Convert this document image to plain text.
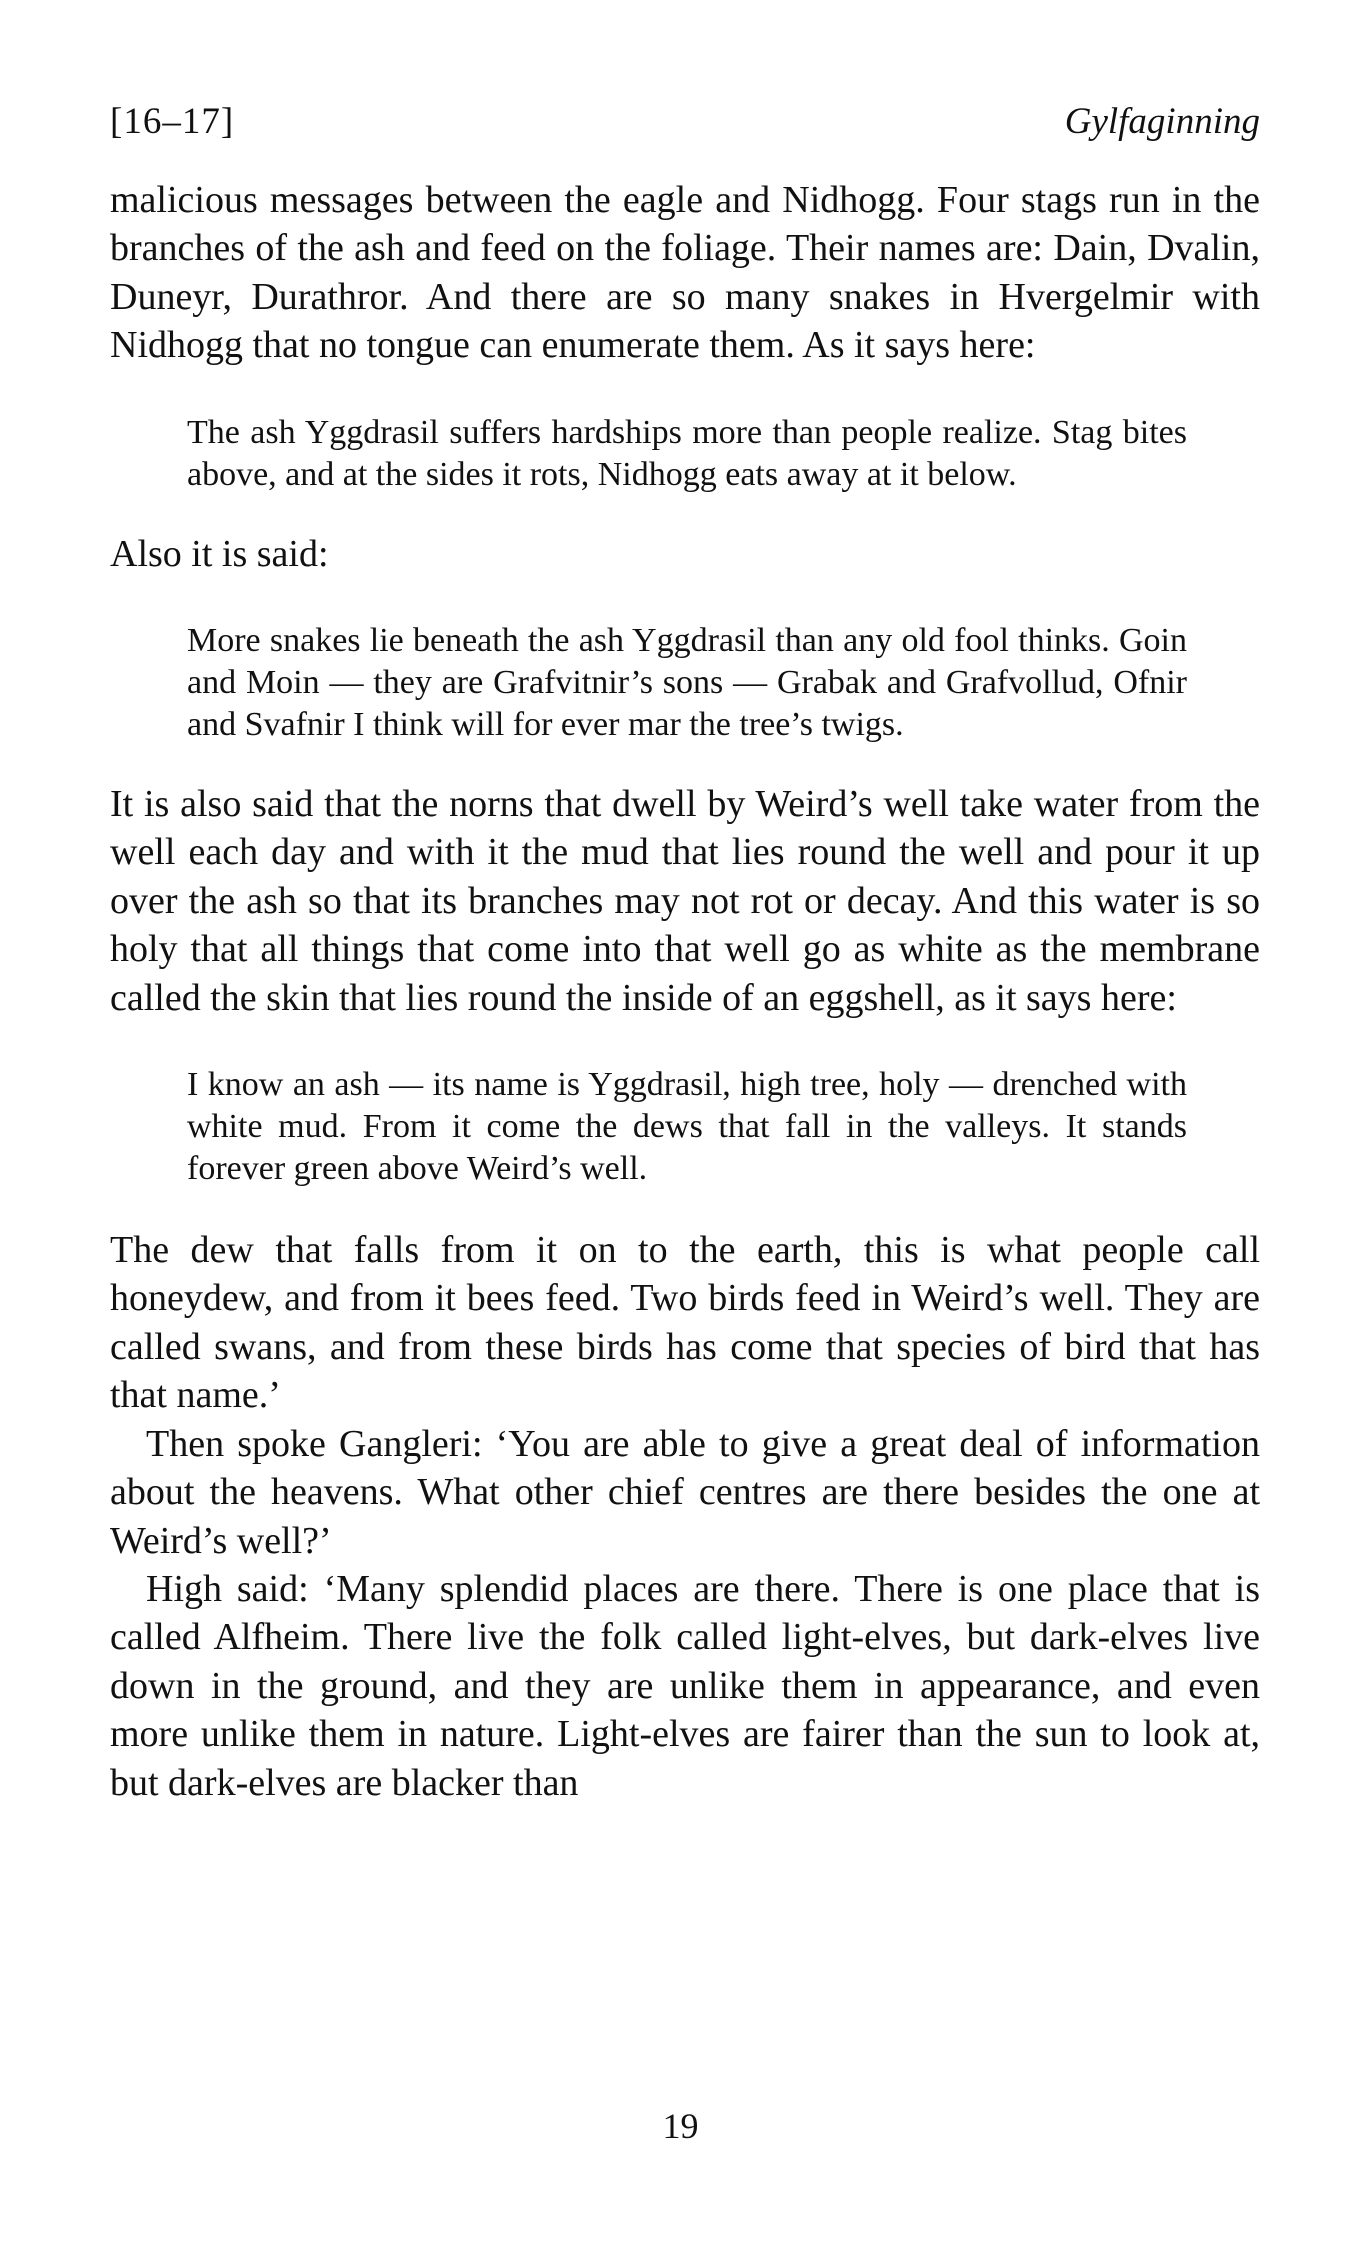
[16–17]	Gylfaginning

malicious messages between the eagle and Nidhogg. Four stags run in the branches of the ash and feed on the foliage. Their names are: Dain, Dvalin, Duneyr, Durathror. And there are so many snakes in Hvergelmir with Nidhogg that no tongue can enumerate them. As it says here:

The ash Yggdrasil suffers hardships more than people realize. Stag bites above, and at the sides it rots, Nidhogg eats away at it below.

Also it is said:

More snakes lie beneath the ash Yggdrasil than any old fool thinks. Goin and Moin — they are Grafvitnir’s sons — Grabak and Grafvollud, Ofnir and Svafnir I think will for ever mar the tree’s twigs.

It is also said that the norns that dwell by Weird’s well take water from the well each day and with it the mud that lies round the well and pour it up over the ash so that its branches may not rot or decay. And this water is so holy that all things that come into that well go as white as the membrane called the skin that lies round the inside of an eggshell, as it says here:

I know an ash — its name is Yggdrasil, high tree, holy — drenched with white mud. From it come the dews that fall in the valleys. It stands forever green above Weird’s well.

The dew that falls from it on to the earth, this is what people call honeydew, and from it bees feed. Two birds feed in Weird’s well. They are called swans, and from these birds has come that species of bird that has that name.’

Then spoke Gangleri: ‘You are able to give a great deal of information about the heavens. What other chief centres are there besides the one at Weird’s well?’

High said: ‘Many splendid places are there. There is one place that is called Alfheim. There live the folk called light-elves, but dark-elves live down in the ground, and they are unlike them in appearance, and even more unlike them in nature. Light-elves are fairer than the sun to look at, but dark-elves are blacker than

19
